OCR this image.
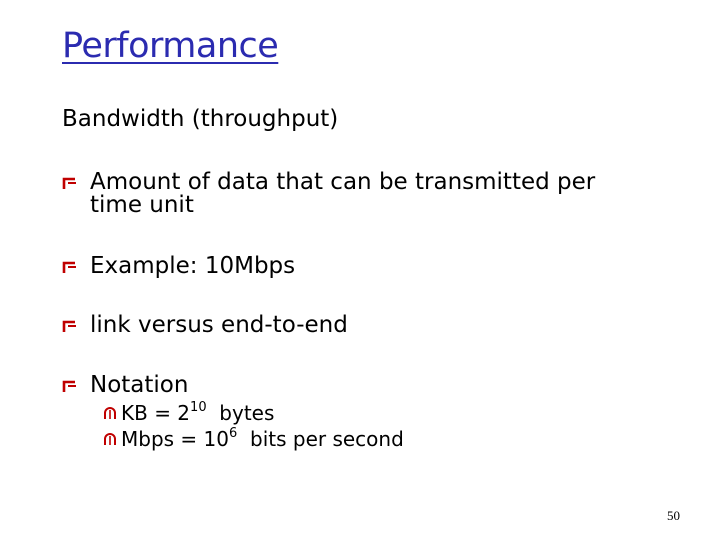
Performance
Bandwidth (throughput)
Amount of data that can be transmitted per
time unit
Example: 10Mbps
link versus end-to-end
Notation
KB = $2^{10}$  bytes
Mbps = $10^6$  bits per second
50
